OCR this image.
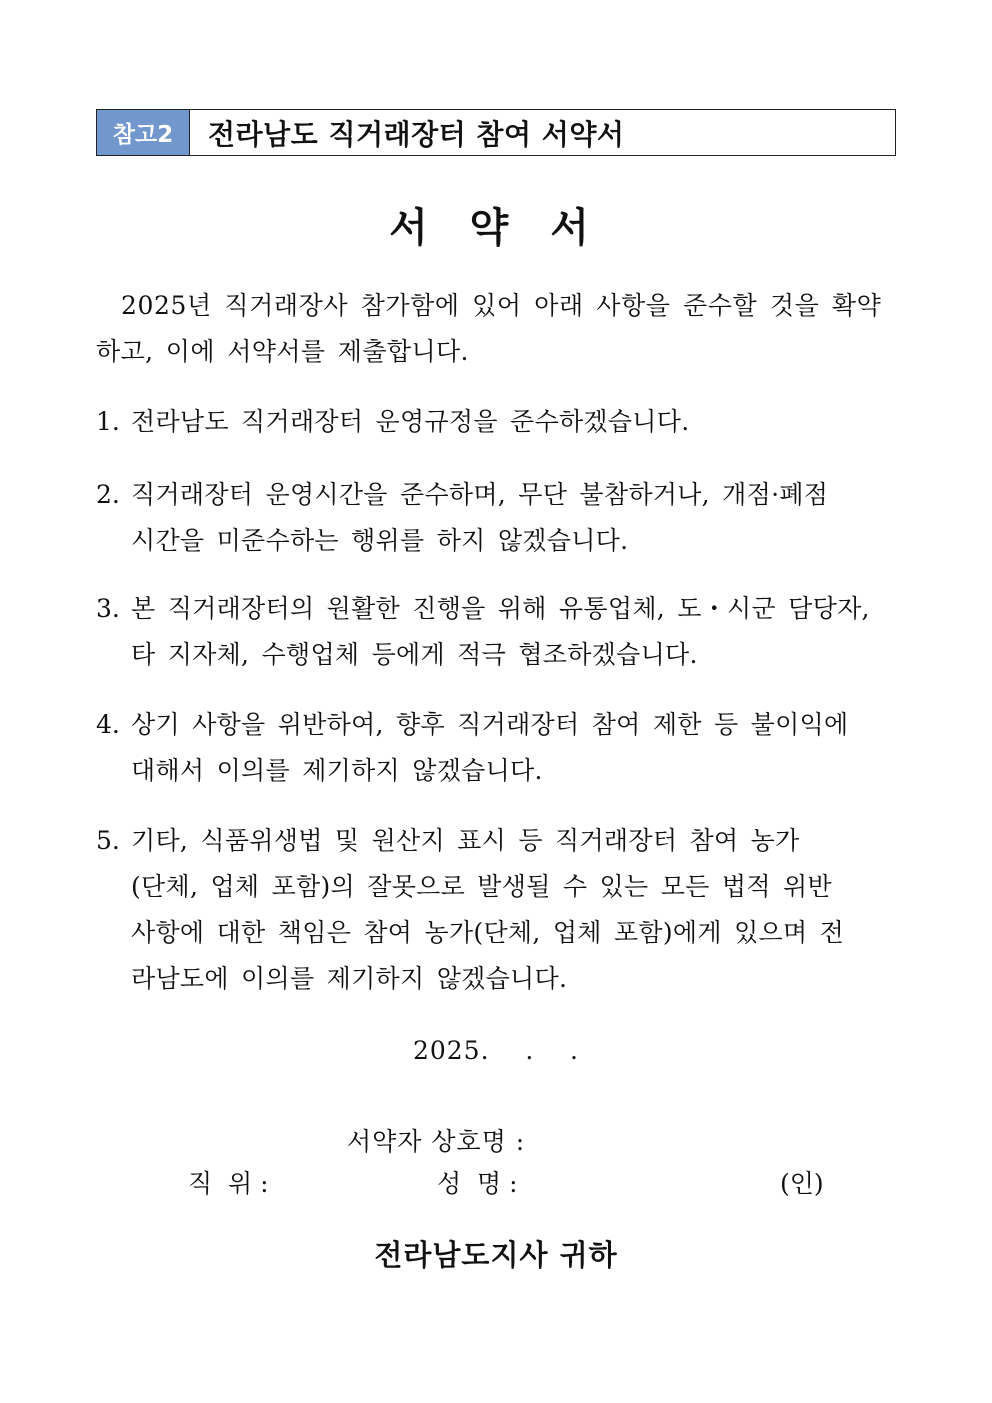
참고2	전라남도 직거래장터 참여 서약서
서 약 서
2025년 직거래장사 참가함에 있어 아래 사항을 준수할 것을 확약
하고, 이에 서약서를 제출합니다.
1. 전라남도 직거래장터 운영규정을 준수하겠습니다.
2. 직거래장터 운영시간을 준수하며, 무단 불참하거나, 개점·폐점
시간을 미준수하는 행위를 하지 않겠습니다.
3. 본 직거래장터의 원활한 진행을 위해 유통업체, 도・시군 담당자,
타 지자체, 수행업체 등에게 적극 협조하겠습니다.
4. 상기 사항을 위반하여, 향후 직거래장터 참여 제한 등 불이익에
대해서 이의를 제기하지 않겠습니다.
5. 기타, 식품위생법 및 원산지 표시 등 직거래장터 참여 농가
(단체, 업체 포함)의 잘못으로 발생될 수 있는 모든 법적 위반
사항에 대한 책임은 참여 농가(단체, 업체 포함)에게 있으며 전
라남도에 이의를 제기하지 않겠습니다.
2025.    .    .
서약자 상호명 :
직  위 :	성  명 :	(인)
전라남도지사 귀하
